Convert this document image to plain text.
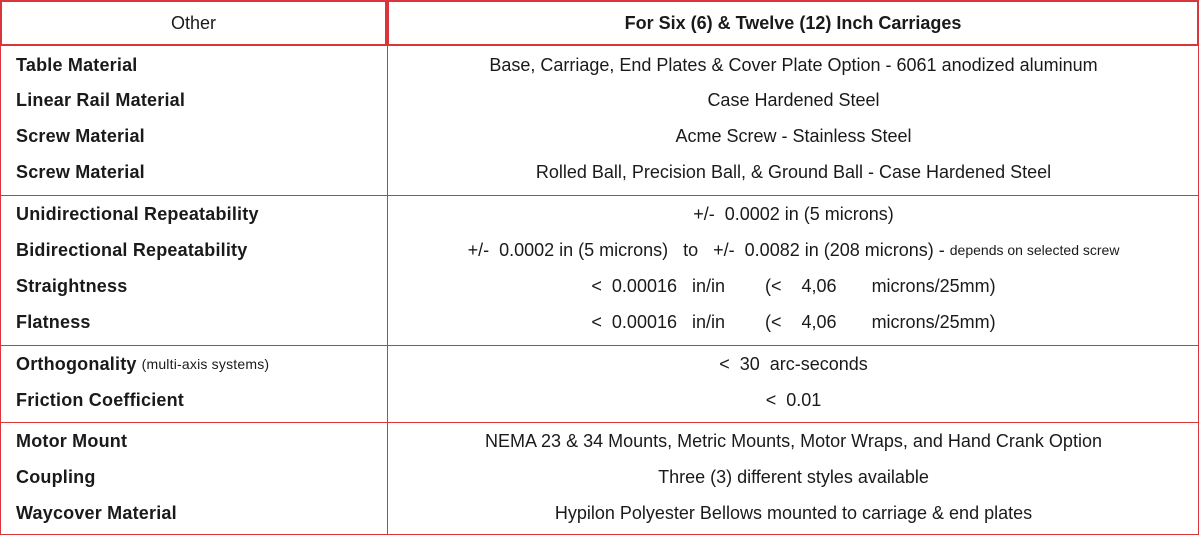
Other	For Six (6) & Twelve (12) Inch Carriages
Table Material	Base, Carriage, End Plates & Cover Plate Option - 6061 anodized aluminum
Linear Rail Material	Case Hardened Steel
Screw Material	Acme Screw - Stainless Steel
Screw Material	Rolled Ball, Precision Ball, & Ground Ball - Case Hardened Steel
Unidirectional Repeatability	+/-  0.0002 in (5 microns)
Bidirectional Repeatability	+/-  0.0002 in (5 microns)   to   +/-  0.0082 in (208 microns) - depends on selected screw
Straightness	<  0.00016   in/in        (<    4,06       microns/25mm)
Flatness	<  0.00016   in/in        (<    4,06       microns/25mm)
Orthogonality (multi-axis systems)	<  30  arc-seconds
Friction Coefficient	<  0.01
Motor Mount	NEMA 23 & 34 Mounts, Metric Mounts, Motor Wraps, and Hand Crank Option
Coupling	Three (3) different styles available
Waycover Material	Hypilon Polyester Bellows mounted to carriage & end plates
